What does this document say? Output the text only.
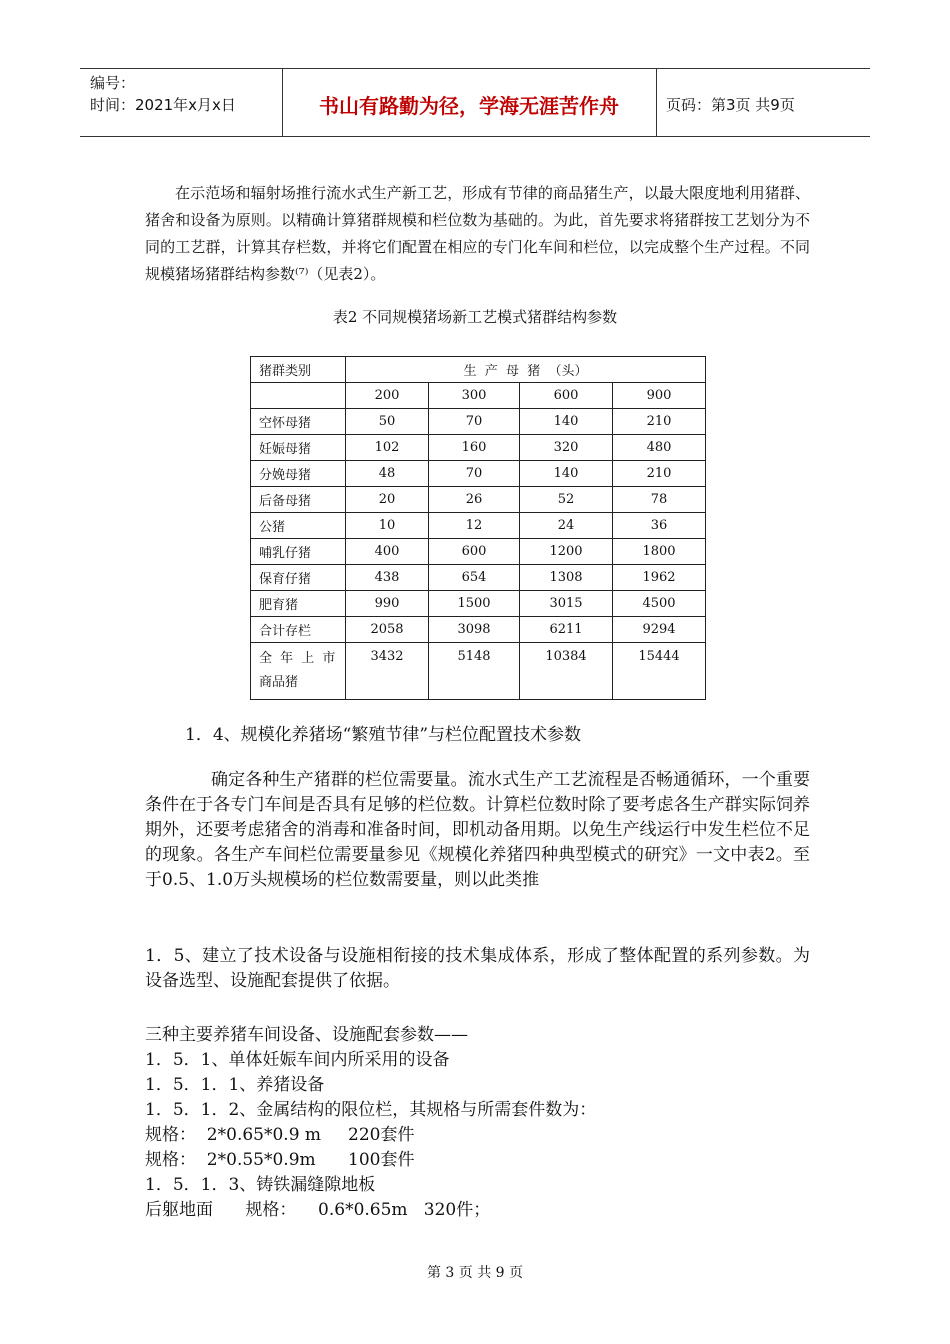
编号：
时间：2021年x月x日	书山有路勤为径，学海无涯苦作舟	页码：第3页 共9页
在示范场和辐射场推行流水式生产新工艺，形成有节律的商品猪生产，以最大限度地利用猪群、猪舍和设备为原则。以精确计算猪群规模和栏位数为基础的。为此，首先要求将猪群按工艺划分为不同的工艺群，计算其存栏数，并将它们配置在相应的专门化车间和栏位，以完成整个生产过程。不同规模猪场猪群结构参数⁽⁷⁾（见表2）。
表2 不同规模猪场新工艺模式猪群结构参数
猪群类别	生  产  母  猪  （头）			
	200	300	600	900
空怀母猪	50	70	140	210
妊娠母猪	102	160	320	480
分娩母猪	48	70	140	210
后备母猪	20	26	52	78
公猪	10	12	24	36
哺乳仔猪	400	600	1200	1800
保育仔猪	438	654	1308	1962
肥育猪	990	1500	3015	4500
合计存栏	2058	3098	6211	9294

全 年 上 市
商品猪	3432	5148	10384	15444
1．4、规模化养猪场“繁殖节律”与栏位配置技术参数
确定各种生产猪群的栏位需要量。流水式生产工艺流程是否畅通循环，一个重要条件在于各专门车间是否具有足够的栏位数。计算栏位数时除了要考虑各生产群实际饲养期外，还要考虑猪舍的消毒和准备时间，即机动备用期。以免生产线运行中发生栏位不足的现象。各生产车间栏位需要量参见《规模化养猪四种典型模式的研究》一文中表2。至于0.5、1.0万头规模场的栏位数需要量，则以此类推
1．5、建立了技术设备与设施相衔接的技术集成体系，形成了整体配置的系列参数。为设备选型、设施配套提供了依据。
三种主要养猪车间设备、设施配套参数——
1．5．1、单体妊娠车间内所采用的设备
1．5．1．1、养猪设备
1．5．1．2、金属结构的限位栏，其规格与所需套件数为：
规格：  2*0.65*0.9 m     220套件
规格：  2*0.55*0.9m      100套件
1．5．1．3、铸铁漏缝隙地板
后躯地面      规格：    0.6*0.65m   320件；
第 3 页 共 9 页
